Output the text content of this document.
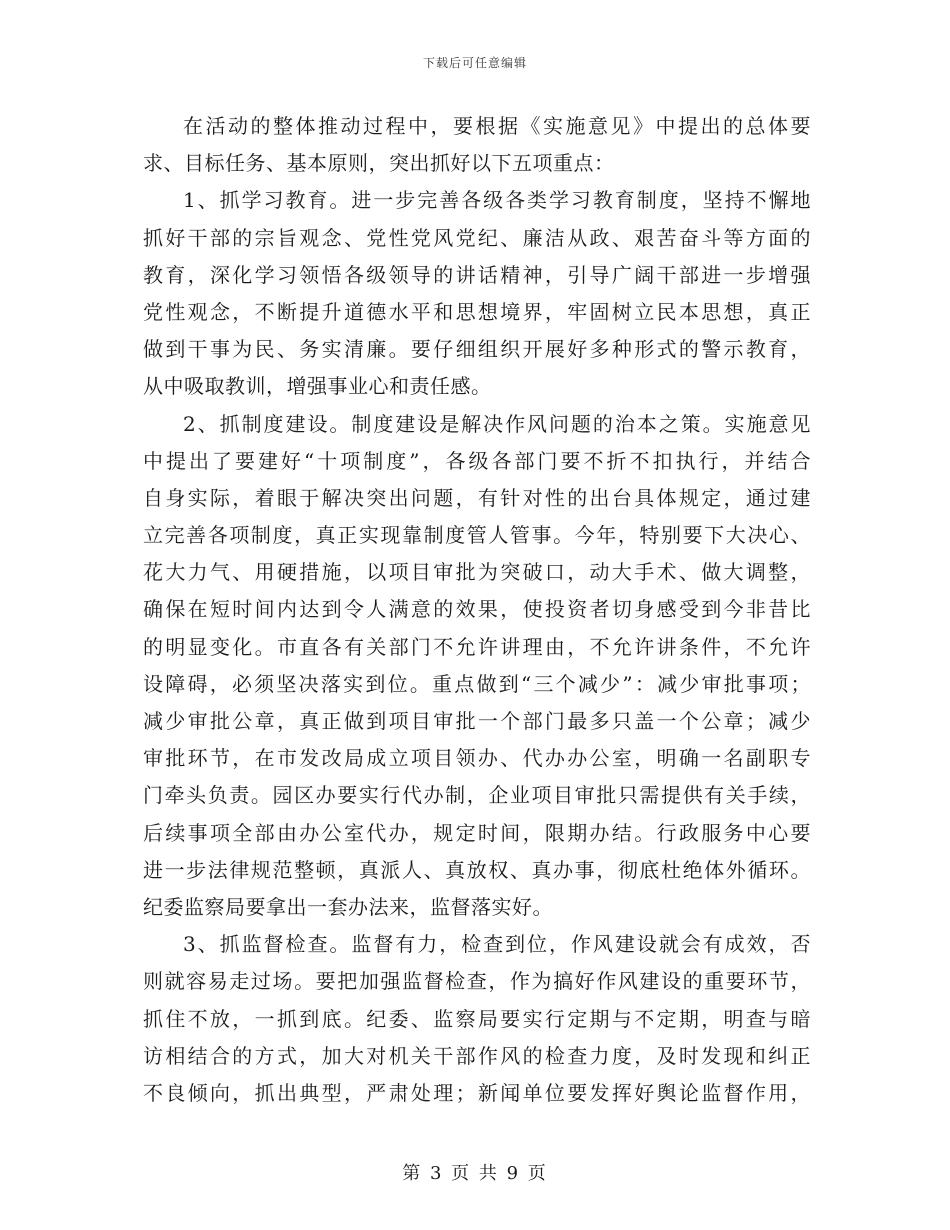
下载后可任意编辑
在活动的整体推动过程中，要根据《实施意见》中提出的总体要
求、目标任务、基本原则，突出抓好以下五项重点：
1、抓学习教育。进一步完善各级各类学习教育制度，坚持不懈地
抓好干部的宗旨观念、党性党风党纪、廉洁从政、艰苦奋斗等方面的
教育，深化学习领悟各级领导的讲话精神，引导广阔干部进一步增强
党性观念，不断提升道德水平和思想境界，牢固树立民本思想，真正
做到干事为民、务实清廉。要仔细组织开展好多种形式的警示教育，
从中吸取教训，增强事业心和责任感。
2、抓制度建设。制度建设是解决作风问题的治本之策。实施意见
中提出了要建好“十项制度”，各级各部门要不折不扣执行，并结合
自身实际，着眼于解决突出问题，有针对性的出台具体规定，通过建
立完善各项制度，真正实现靠制度管人管事。今年，特别要下大决心、
花大力气、用硬措施，以项目审批为突破口，动大手术、做大调整，
确保在短时间内达到令人满意的效果，使投资者切身感受到今非昔比
的明显变化。市直各有关部门不允许讲理由，不允许讲条件，不允许
设障碍，必须坚决落实到位。重点做到“三个减少”：减少审批事项；
减少审批公章，真正做到项目审批一个部门最多只盖一个公章；减少
审批环节，在市发改局成立项目领办、代办办公室，明确一名副职专
门牵头负责。园区办要实行代办制，企业项目审批只需提供有关手续，
后续事项全部由办公室代办，规定时间，限期办结。行政服务中心要
进一步法律规范整顿，真派人、真放权、真办事，彻底杜绝体外循环。
纪委监察局要拿出一套办法来，监督落实好。
3、抓监督检查。监督有力，检查到位，作风建设就会有成效，否
则就容易走过场。要把加强监督检查，作为搞好作风建设的重要环节，
抓住不放，一抓到底。纪委、监察局要实行定期与不定期，明查与暗
访相结合的方式，加大对机关干部作风的检查力度，及时发现和纠正
不良倾向，抓出典型，严肃处理；新闻单位要发挥好舆论监督作用，
第 3 页 共 9 页
